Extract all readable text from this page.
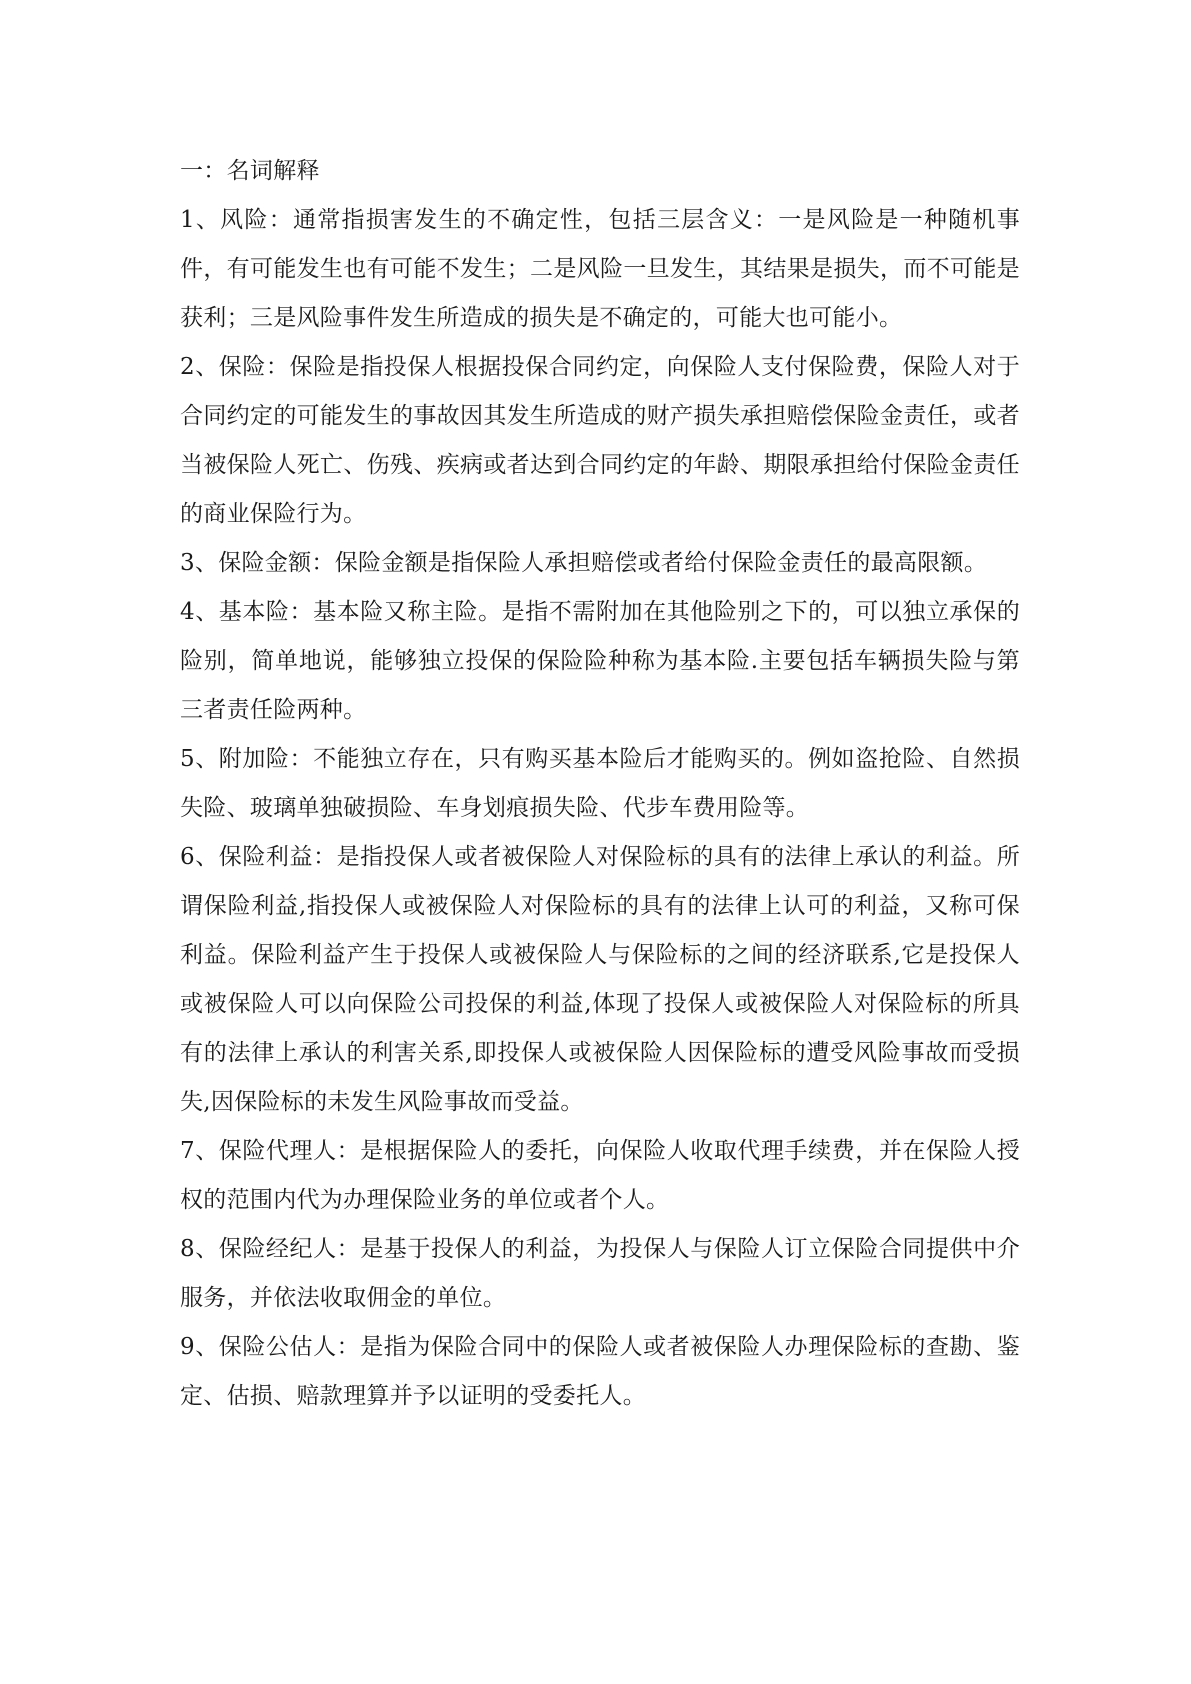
一：名词解释

1、风险：通常指损害发生的不确定性，包括三层含义：一是风险是一种随机事件，有可能发生也有可能不发生；二是风险一旦发生，其结果是损失，而不可能是获利；三是风险事件发生所造成的损失是不确定的，可能大也可能小。

2、保险：保险是指投保人根据投保合同约定，向保险人支付保险费，保险人对于合同约定的可能发生的事故因其发生所造成的财产损失承担赔偿保险金责任，或者当被保险人死亡、伤残、疾病或者达到合同约定的年龄、期限承担给付保险金责任的商业保险行为。

3、保险金额：保险金额是指保险人承担赔偿或者给付保险金责任的最高限额。

4、基本险：基本险又称主险。是指不需附加在其他险别之下的，可以独立承保的险别，简单地说，能够独立投保的保险险种称为基本险.主要包括车辆损失险与第三者责任险两种。

5、附加险：不能独立存在，只有购买基本险后才能购买的。例如盗抢险、自然损失险、玻璃单独破损险、车身划痕损失险、代步车费用险等。

6、保险利益：是指投保人或者被保险人对保险标的具有的法律上承认的利益。所谓保险利益,指投保人或被保险人对保险标的具有的法律上认可的利益，又称可保利益。保险利益产生于投保人或被保险人与保险标的之间的经济联系,它是投保人或被保险人可以向保险公司投保的利益,体现了投保人或被保险人对保险标的所具有的法律上承认的利害关系,即投保人或被保险人因保险标的遭受风险事故而受损失,因保险标的未发生风险事故而受益。

7、保险代理人：是根据保险人的委托，向保险人收取代理手续费，并在保险人授权的范围内代为办理保险业务的单位或者个人。

8、保险经纪人：是基于投保人的利益，为投保人与保险人订立保险合同提供中介服务，并依法收取佣金的单位。

9、保险公估人：是指为保险合同中的保险人或者被保险人办理保险标的查勘、鉴定、估损、赔款理算并予以证明的受委托人。
